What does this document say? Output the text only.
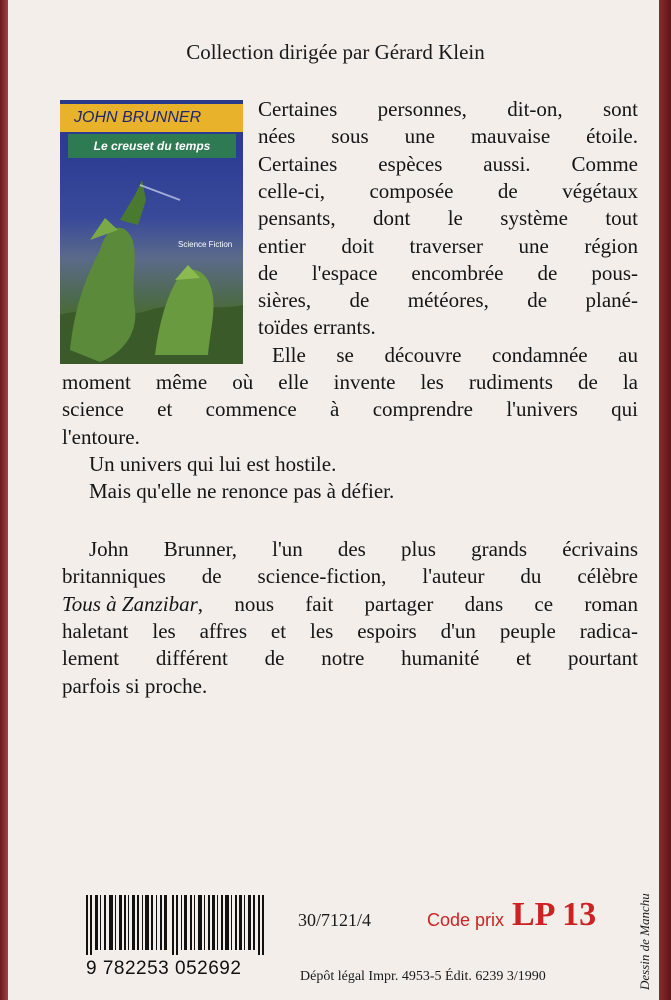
Collection dirigée par Gérard Klein
JOHN BRUNNER
Le creuset du temps
Science Fiction
Certaines personnes, dit-on, sont
nées sous une mauvaise étoile.
Certaines espèces aussi. Comme
celle-ci, composée de végétaux
pensants, dont le système tout
entier doit traverser une région
de l'espace encombrée de pous-
sières, de météores, de plané-
toïdes errants.
Elle se découvre condamnée au
moment même où elle invente les rudiments de la
science et commence à comprendre l'univers qui
l'entoure.
Un univers qui lui est hostile.
Mais qu'elle ne renonce pas à défier.
John Brunner, l'un des plus grands écrivains
britanniques de science-fiction, l'auteur du célèbre
Tous à Zanzibar , nous fait partager dans ce roman
haletant les affres et les espoirs d'un peuple radica-
lement différent de notre humanité et pourtant
parfois si proche.
9 782253 052692
30/7121/4	Code prix LP 13
Dépôt légal Impr. 4953-5 Édit. 6239 3/1990	Dessin de Manchu
